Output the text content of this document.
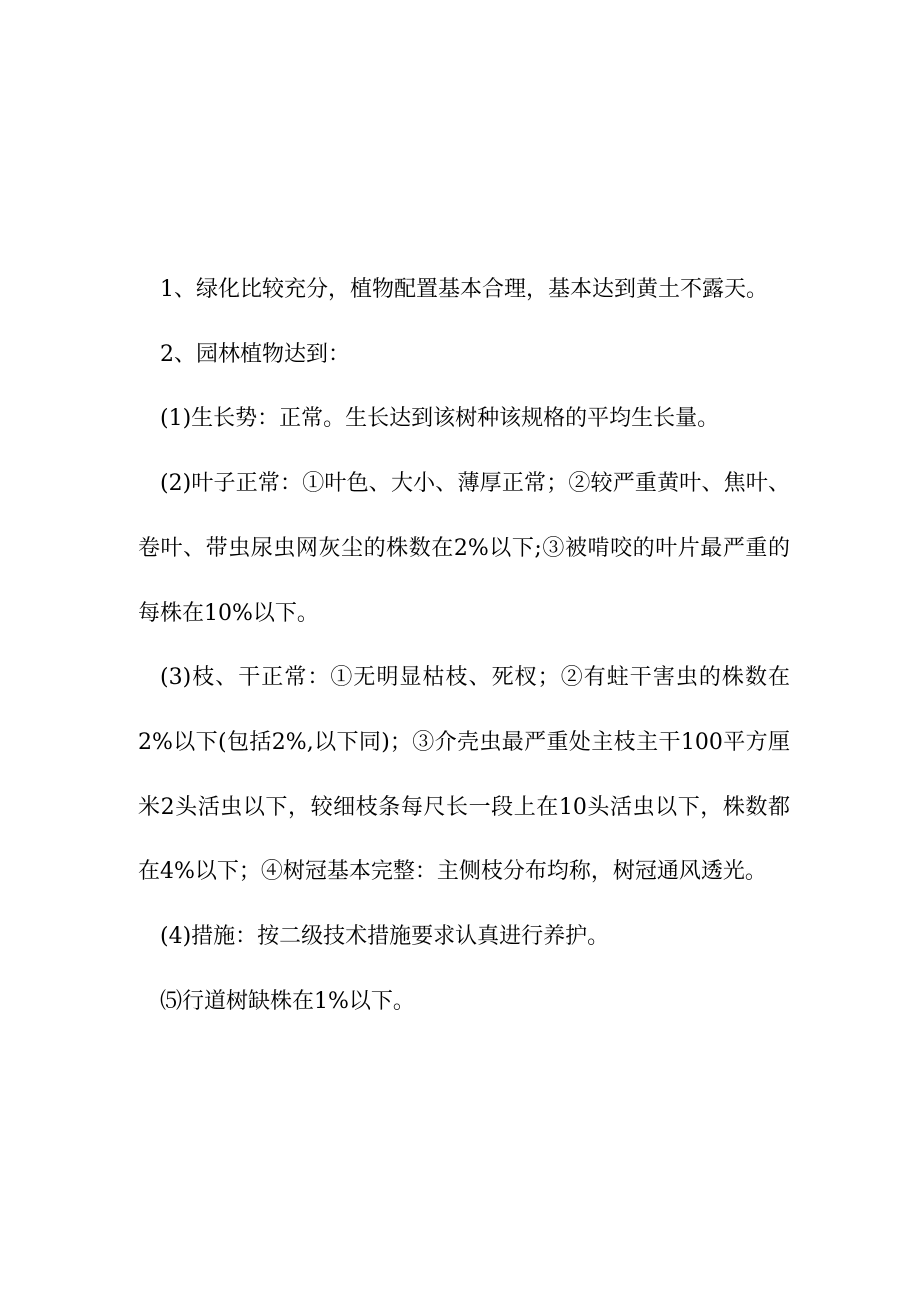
1、绿化比较充分，植物配置基本合理，基本达到黄土不露天。

2、园林植物达到：

(1)生长势：正常。生长达到该树种该规格的平均生长量。

(2)叶子正常：①叶色、大小、薄厚正常；②较严重黄叶、焦叶、卷叶、带虫尿虫网灰尘的株数在2%以下;③被啃咬的叶片最严重的每株在10%以下。

(3)枝、干正常：①无明显枯枝、死杈；②有蛀干害虫的株数在2%以下(包括2%,以下同)；③介壳虫最严重处主枝主干100平方厘米2头活虫以下，较细枝条每尺长一段上在10头活虫以下，株数都在4%以下；④树冠基本完整：主侧枝分布均称，树冠通风透光。

(4)措施：按二级技术措施要求认真进行养护。

⑸行道树缺株在1%以下。
